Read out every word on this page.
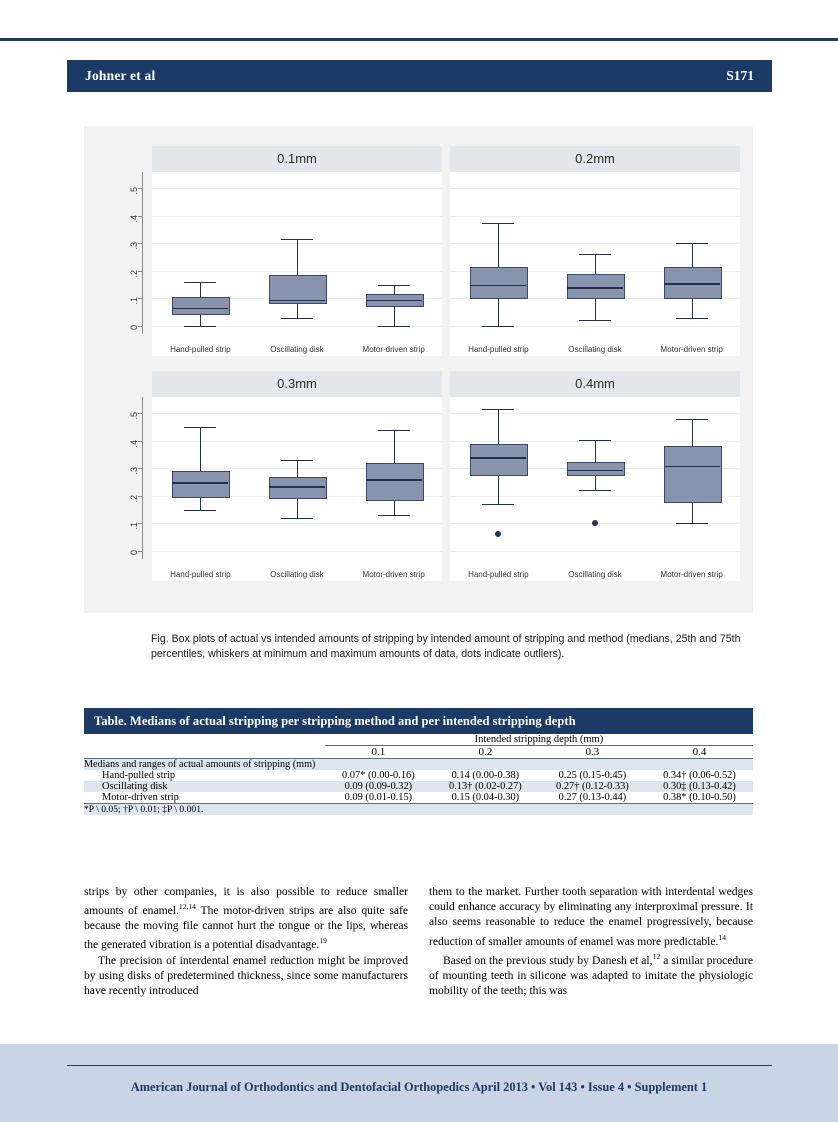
Johner et al	S171
0.1mm
Hand-pulled strip	Oscillating disk	Motor-driven strip
0
.1
.2
.3
.4
.5
0.2mm
Hand-pulled strip	Oscillating disk	Motor-driven strip
0.3mm
Hand-pulled strip	Oscillating disk	Motor-driven strip
0
.1
.2
.3
.4
.5
0.4mm
Hand-pulled strip	Oscillating disk	Motor-driven strip
Fig. Box plots of actual vs intended amounts of stripping by intended amount of stripping and method (medians, 25th and 75th percentiles, whiskers at minimum and maximum amounts of data, dots indicate outliers).
Table. Medians of actual stripping per stripping method and per intended stripping depth
	Intended stripping depth (mm)			
	0.1	0.2	0.3	0.4
Medians and ranges of actual amounts of stripping (mm)				
Hand-pulled strip	0.07* (0.00-0.16)	0.14 (0.00-0.38)	0.25 (0.15-0.45)	0.34† (0.06-0.52)
Oscillating disk	0.09 (0.09-0.32)	0.13† (0.02-0.27)	0.27† (0.12-0.33)	0.30‡ (0.13-0.42)
Motor-driven strip	0.09 (0.01-0.15)	0.15 (0.04-0.30)	0.27 (0.13-0.44)	0.38* (0.10-0.50)
*P \ 0.05; †P \ 0.01; ‡P \ 0.001.				

strips by other companies, it is also possible to reduce smaller amounts of enamel.$^{12,14}$ The motor-driven strips are also quite safe because the moving file cannot hurt the tongue or the lips, whereas the generated vibration is a potential disadvantage.$^{19}$

The precision of interdental enamel reduction might be improved by using disks of predetermined thickness, since some manufacturers have recently introduced

them to the market. Further tooth separation with interdental wedges could enhance accuracy by eliminating any interproximal pressure. It also seems reasonable to reduce the enamel progressively, because reduction of smaller amounts of enamel was more predictable.$^{14}$

Based on the previous study by Danesh et al,$^{12}$ a similar procedure of mounting teeth in silicone was adapted to imitate the physiologic mobility of the teeth; this was

American Journal of Orthodontics and Dentofacial Orthopedics April 2013 • Vol 143 • Issue 4 • Supplement 1
